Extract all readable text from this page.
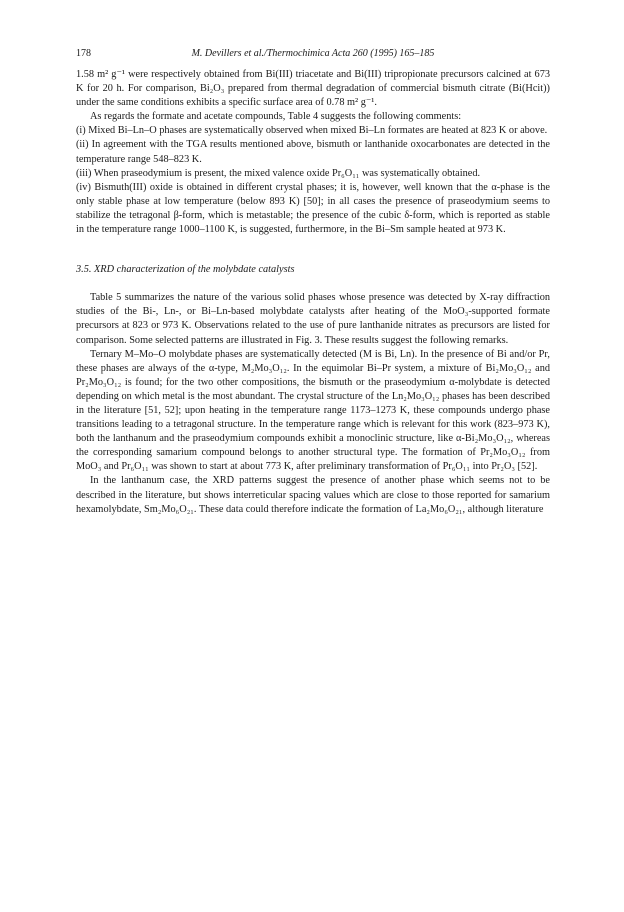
178	M. Devillers et al./Thermochimica Acta 260 (1995) 165–185

1.58 m² g⁻¹ were respectively obtained from Bi(III) triacetate and Bi(III) tripropionate precursors calcined at 673 K for 20 h. For comparison, Bi₂O₃ prepared from thermal degradation of commercial bismuth citrate (Bi(Hcit)) under the same conditions exhibits a specific surface area of 0.78 m² g⁻¹.

As regards the formate and acetate compounds, Table 4 suggests the following comments:

(i) Mixed Bi–Ln–O phases are systematically observed when mixed Bi–Ln formates are heated at 823 K or above.

(ii) In agreement with the TGA results mentioned above, bismuth or lanthanide oxocarbonates are detected in the temperature range 548–823 K.

(iii) When praseodymium is present, the mixed valence oxide Pr₆O₁₁ was systematically obtained.

(iv) Bismuth(III) oxide is obtained in different crystal phases; it is, however, well known that the α-phase is the only stable phase at low temperature (below 893 K) [50]; in all cases the presence of praseodymium seems to stabilize the tetragonal β-form, which is metastable; the presence of the cubic δ-form, which is reported as stable in the temperature range 1000–1100 K, is suggested, furthermore, in the Bi–Sm sample heated at 973 K.

3.5. XRD characterization of the molybdate catalysts

Table 5 summarizes the nature of the various solid phases whose presence was detected by X-ray diffraction studies of the Bi-, Ln-, or Bi–Ln-based molybdate catalysts after heating of the MoO₃-supported formate precursors at 823 or 973 K. Observations related to the use of pure lanthanide nitrates as precursors are listed for comparison. Some selected patterns are illustrated in Fig. 3. These results suggest the following remarks.

Ternary M–Mo–O molybdate phases are systematically detected (M is Bi, Ln). In the presence of Bi and/or Pr, these phases are always of the α-type, M₂Mo₃O₁₂. In the equimolar Bi–Pr system, a mixture of Bi₂Mo₃O₁₂ and Pr₂Mo₃O₁₂ is found; for the two other compositions, the bismuth or the praseodymium α-molybdate is detected depending on which metal is the most abundant. The crystal structure of the Ln₂Mo₃O₁₂ phases has been described in the literature [51, 52]; upon heating in the temperature range 1173–1273 K, these compounds undergo phase transitions leading to a tetragonal structure. In the temperature range which is relevant for this work (823–973 K), both the lanthanum and the praseodymium compounds exhibit a monoclinic structure, like α-Bi₂Mo₃O₁₂, whereas the corresponding samarium compound belongs to another structural type. The formation of Pr₂Mo₃O₁₂ from MoO₃ and Pr₆O₁₁ was shown to start at about 773 K, after preliminary transformation of Pr₆O₁₁ into Pr₂O₃ [52].

In the lanthanum case, the XRD patterns suggest the presence of another phase which seems not to be described in the literature, but shows interreticular spacing values which are close to those reported for samarium hexamolybdate, Sm₂Mo₆O₂₁. These data could therefore indicate the formation of La₂Mo₆O₂₁, although literature
